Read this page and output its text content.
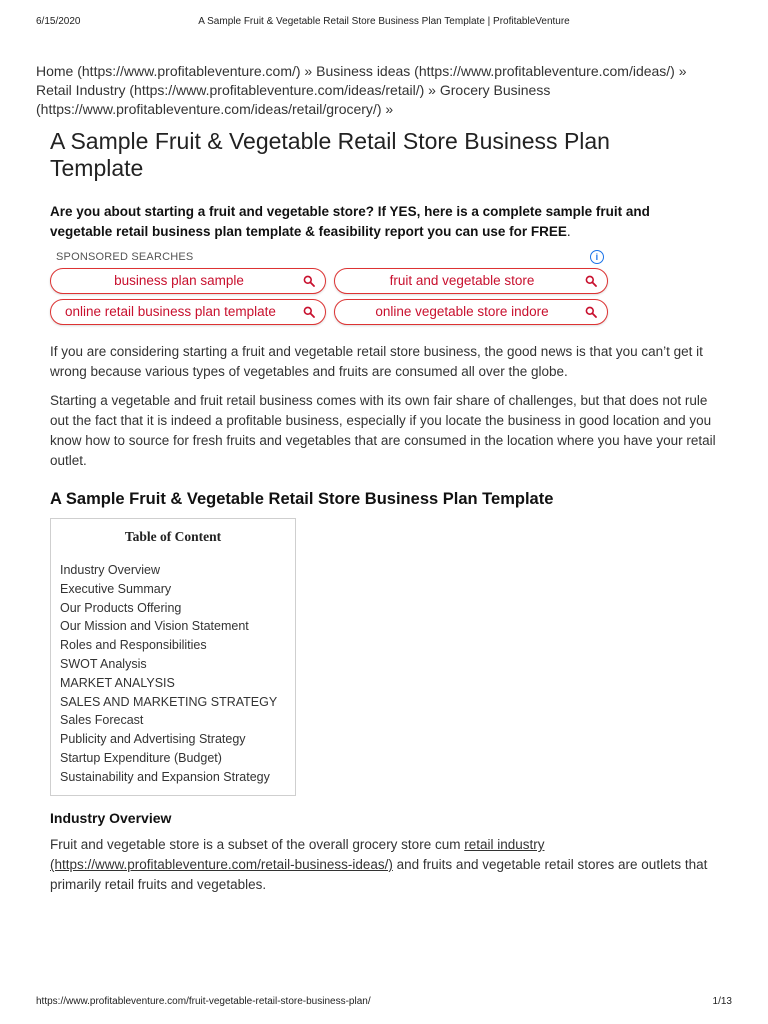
6/15/2020	A Sample Fruit & Vegetable Retail Store Business Plan Template | ProfitableVenture
Home (https://www.profitableventure.com/) » Business ideas (https://www.profitableventure.com/ideas/) » Retail Industry (https://www.profitableventure.com/ideas/retail/) » Grocery Business (https://www.profitableventure.com/ideas/retail/grocery/) »
A Sample Fruit & Vegetable Retail Store Business Plan Template

Are you about starting a fruit and vegetable store? If YES, here is a complete sample fruit and vegetable retail business plan template & feasibility report you can use for FREE.

SPONSORED SEARCHES	i
business plan sample	fruit and vegetable store
online retail business plan template	online vegetable store indore

If you are considering starting a fruit and vegetable retail store business, the good news is that you can’t get it wrong because various types of vegetables and fruits are consumed all over the globe.

Starting a vegetable and fruit retail business comes with its own fair share of challenges, but that does not rule out the fact that it is indeed a profitable business, especially if you locate the business in good location and you know how to source for fresh fruits and vegetables that are consumed in the location where you have your retail outlet.

A Sample Fruit & Vegetable Retail Store Business Plan Template
Table of Content
Industry Overview
Executive Summary
Our Products Offering
Our Mission and Vision Statement
Roles and Responsibilities
SWOT Analysis
MARKET ANALYSIS
SALES AND MARKETING STRATEGY
Sales Forecast
Publicity and Advertising Strategy
Startup Expenditure (Budget)
Sustainability and Expansion Strategy
Industry Overview

Fruit and vegetable store is a subset of the overall grocery store cum retail industry (https://www.profitableventure.com/retail-business-ideas/) and fruits and vegetable retail stores are outlets that primarily retail fruits and vegetables.

https://www.profitableventure.com/fruit-vegetable-retail-store-business-plan/	1/13
